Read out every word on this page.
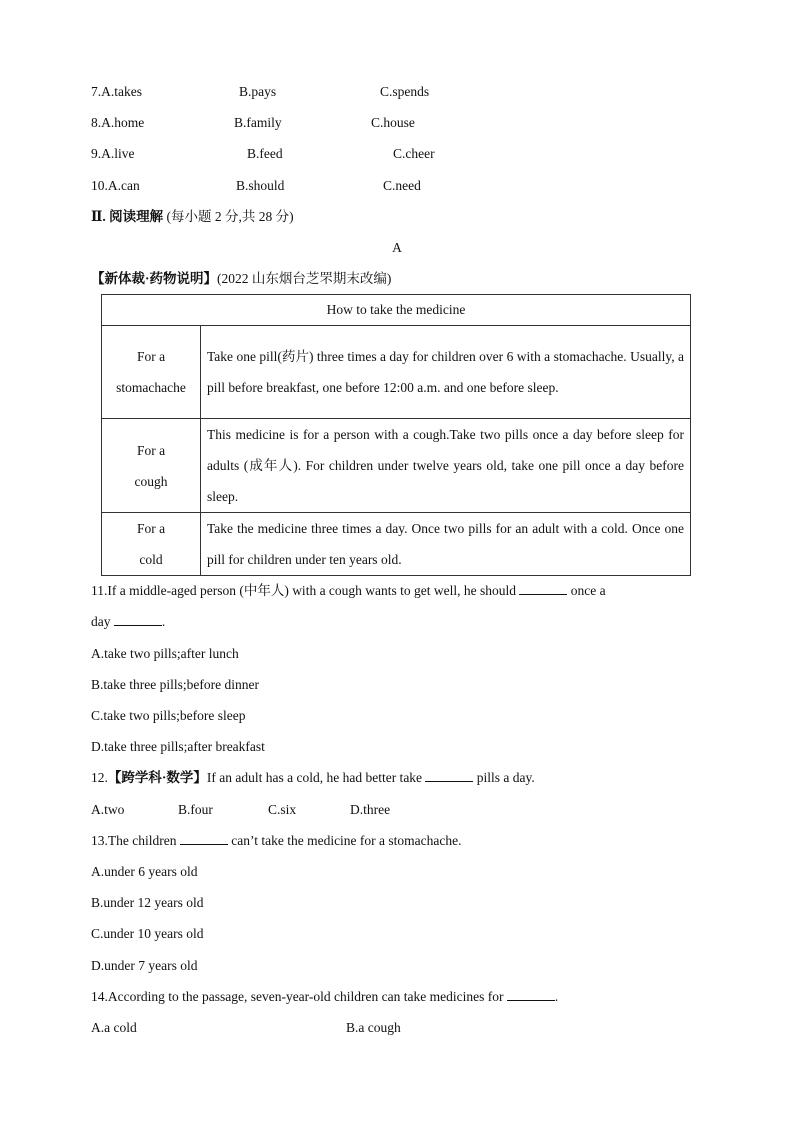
7.A.takes	B.pays	C.spends
8.A.home	B.family	C.house
9.A.live	B.feed	C.cheer
10.A.can	B.should	C.need
Ⅱ. 阅读理解 (每小题 2 分,共 28 分)
A
【新体裁·药物说明】(2022 山东烟台芝罘期末改编)
How to take the medicine	
For a
stomachache	Take one pill(药片) three times a day for children over 6 with a stomachache. Usually, a pill before breakfast, one before 12:00 a.m. and one before sleep.
For a
cough	This medicine is for a person with a cough.Take two pills once a day before sleep for adults (成年人). For children under twelve years old, take one pill once a day before sleep.
For a
cold	Take the medicine three times a day. Once two pills for an adult with a cold. Once one pill for children under ten years old.
11.If a middle-aged person (中年人) with a cough wants to get well, he should	once a
day	.
A.take two pills;after lunch
B.take three pills;before dinner
C.take two pills;before sleep
D.take three pills;after breakfast
12.【跨学科·数学】If an adult has a cold, he had better take	pills a day.
A.two	B.four	C.six	D.three
13.The children	can’t take the medicine for a stomachache.
A.under 6 years old
B.under 12 years old
C.under 10 years old
D.under 7 years old
14.According to the passage, seven-year-old children can take medicines for	.
A.a cold	B.a cough
